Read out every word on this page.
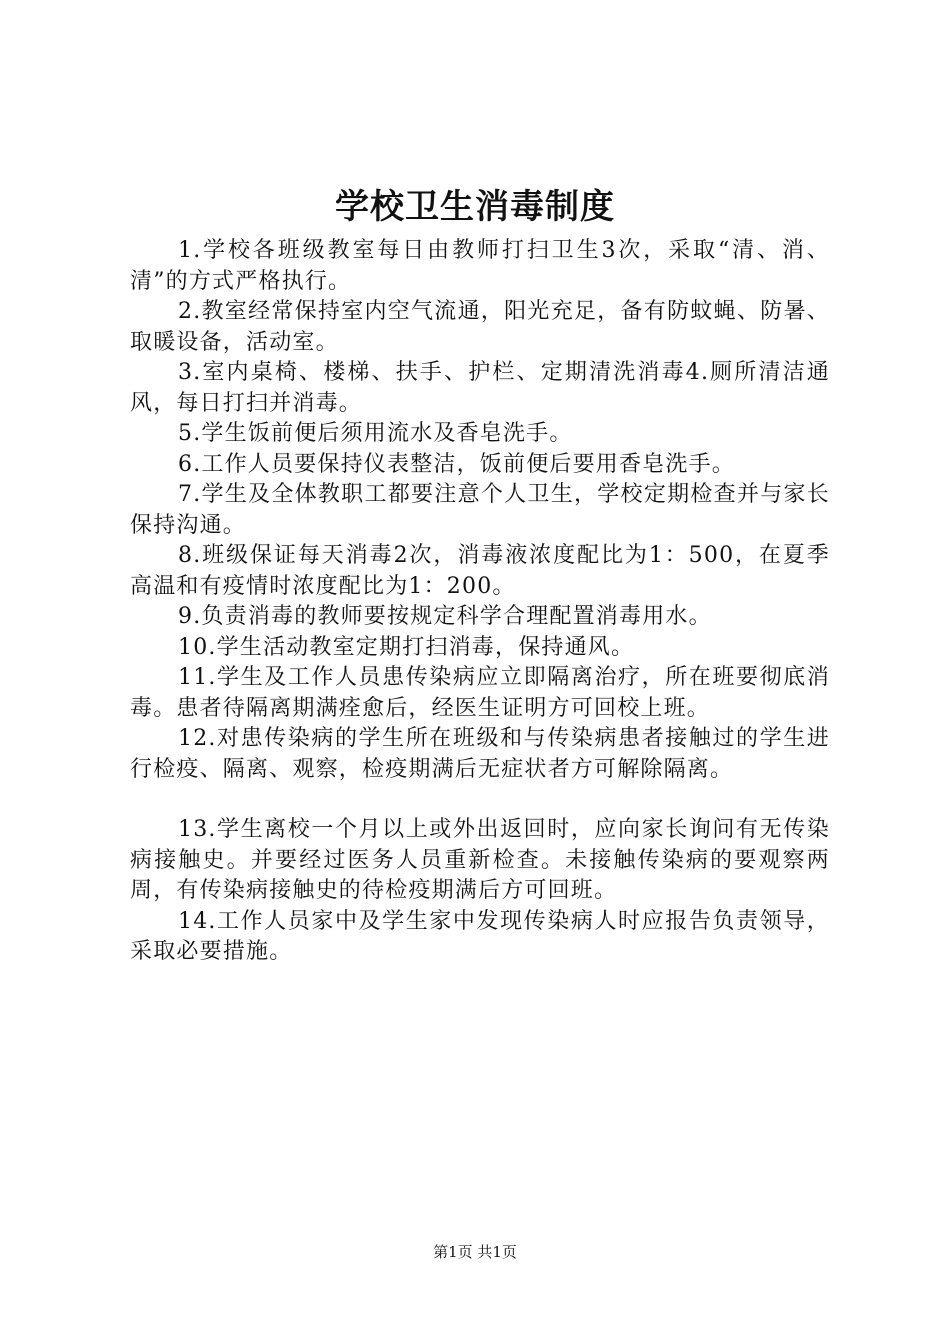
学校卫生消毒制度

1.学校各班级教室每日由教师打扫卫生3次，采取“清、消、清”的方式严格执行。

2.教室经常保持室内空气流通，阳光充足，备有防蚊蝇、防暑、取暖设备，活动室。

3.室内桌椅、楼梯、扶手、护栏、定期清洗消毒4.厕所清洁通风，每日打扫并消毒。

5.学生饭前便后须用流水及香皂洗手。

6.工作人员要保持仪表整洁，饭前便后要用香皂洗手。

7.学生及全体教职工都要注意个人卫生，学校定期检查并与家长保持沟通。

8.班级保证每天消毒2次，消毒液浓度配比为1：500，在夏季高温和有疫情时浓度配比为1：200。

9.负责消毒的教师要按规定科学合理配置消毒用水。

10.学生活动教室定期打扫消毒，保持通风。

11.学生及工作人员患传染病应立即隔离治疗，所在班要彻底消毒。患者待隔离期满痊愈后，经医生证明方可回校上班。

12.对患传染病的学生所在班级和与传染病患者接触过的学生进行检疫、隔离、观察，检疫期满后无症状者方可解除隔离。

13.学生离校一个月以上或外出返回时，应向家长询问有无传染病接触史。并要经过医务人员重新检查。未接触传染病的要观察两周，有传染病接触史的待检疫期满后方可回班。

14.工作人员家中及学生家中发现传染病人时应报告负责领导，采取必要措施。

第1页 共1页
